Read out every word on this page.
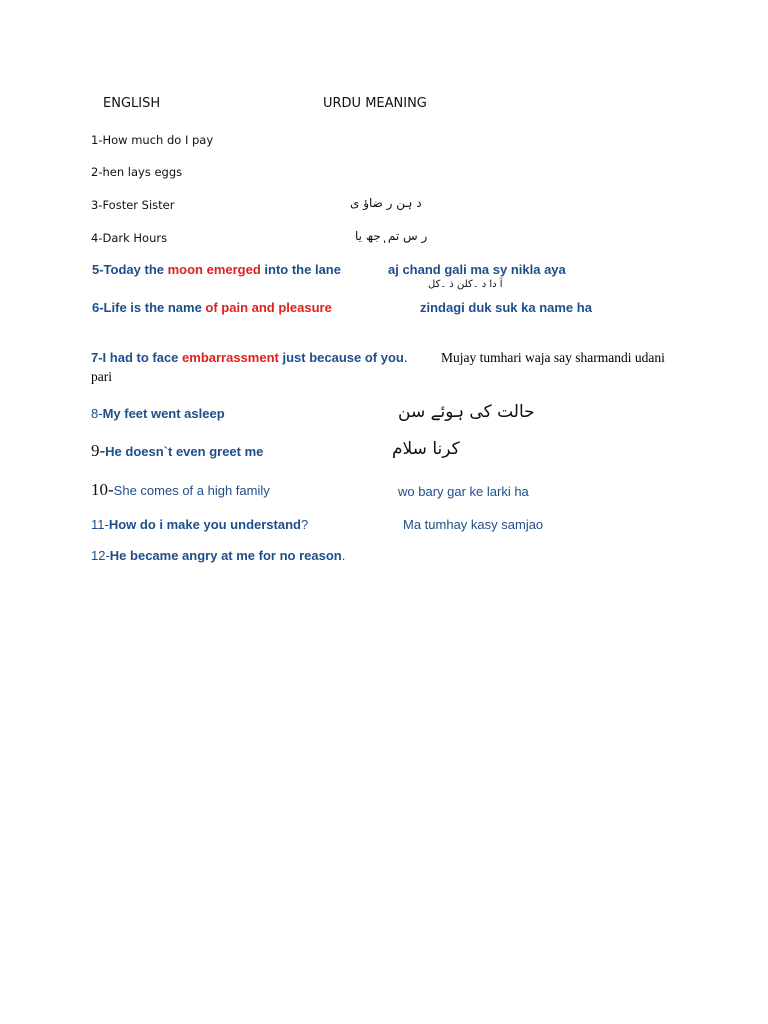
ENGLISH	URDU MEANING
1-How much do I pay
2-hen lays eggs
3-Foster Sister	د ہن ر ضاؤ ی
4-Dark Hours	ر س تم ٖجھ یا
5-Today the moon emerged into the lane	aj chand gali ma sy nikla aya
آ دا د ۔کلن ذ ۔کل
6-Life is the name of pain and pleasure	zindagi duk suk ka name ha
7-I had to face embarrassment just because of you. Mujay tumhari waja say sharmandi udani
pari
8-My feet went asleep	حالت کی ہوئے سن
9-He doesn`t even greet me	کرنا سلام
10-She comes of a high family	wo bary gar ke larki ha
11-How do i make you understand?	Ma tumhay kasy samjao
12-He became angry at me for no reason.
